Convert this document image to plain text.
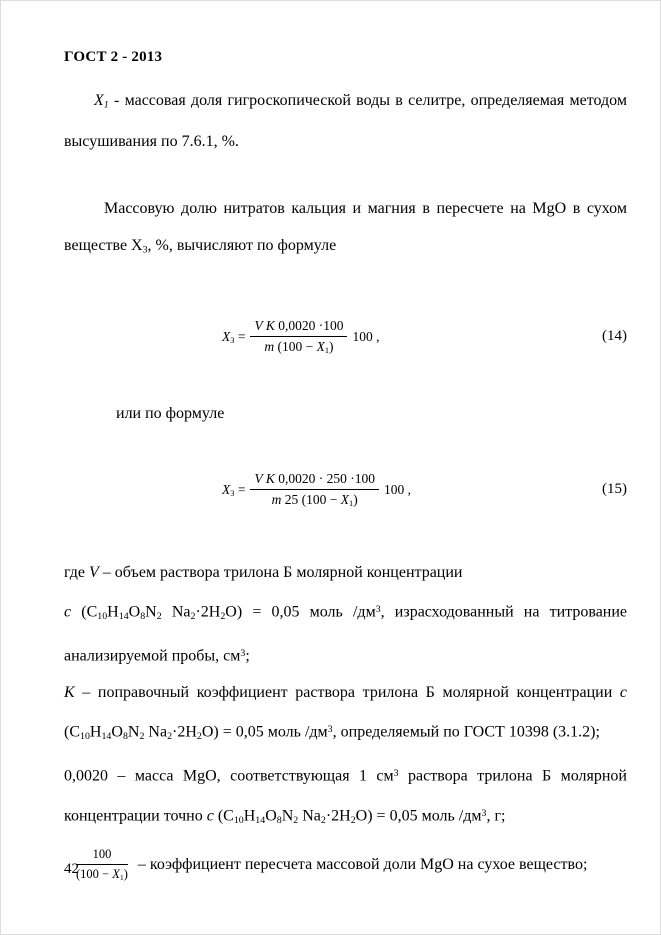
ГОСТ 2 - 2013

$X_1$ - массовая доля гигроскопической воды в селитре, определяемая методом высушивания по 7.6.1, %.

Массовую долю нитратов кальция и магния в пересчете на MgO в сухом веществе $Х_3$, %, вычисляют по формуле

$X_3 = \frac{\text{V K 0,0020 ·100}}{m (100 - X_1)} 100$ ,	(14)

или по формуле

$X_3 = \frac{\text{V K 0,0020 · 250 ·100}}{m 25 (100 - X_1)} 100$ ,	(15)

где V – объем раствора трилона Б молярной концентрации

с ($C_{10}H_{14}O_8N_2$ $Na_2\cdot 2H_2O) = 0,05$ моль $/дм^3$, израсходованный на титрование анализируемой пробы, $см^3$;

К – поправочный коэффициент раствора трилона Б молярной концентрации с ($C_{10}H_{14}O_8N_2$ $Na_2\cdot 2H_2O) = 0,05$ моль $/дм^3$, определяемый по ГОСТ 10398 (3.1.2);

0,0020 – масса MgO, соответствующая 1 $см^3$ раствора трилона Б молярной концентрации точно с ($C_{10}H_{14}O_8N_2$ $Na_2\cdot 2H_2O) = 0,05$ моль $/дм^3$, г;

$\frac{100}{(100 - X_1)}$ – коэффициент пересчета массовой доли MgO на сухое вещество;
42
